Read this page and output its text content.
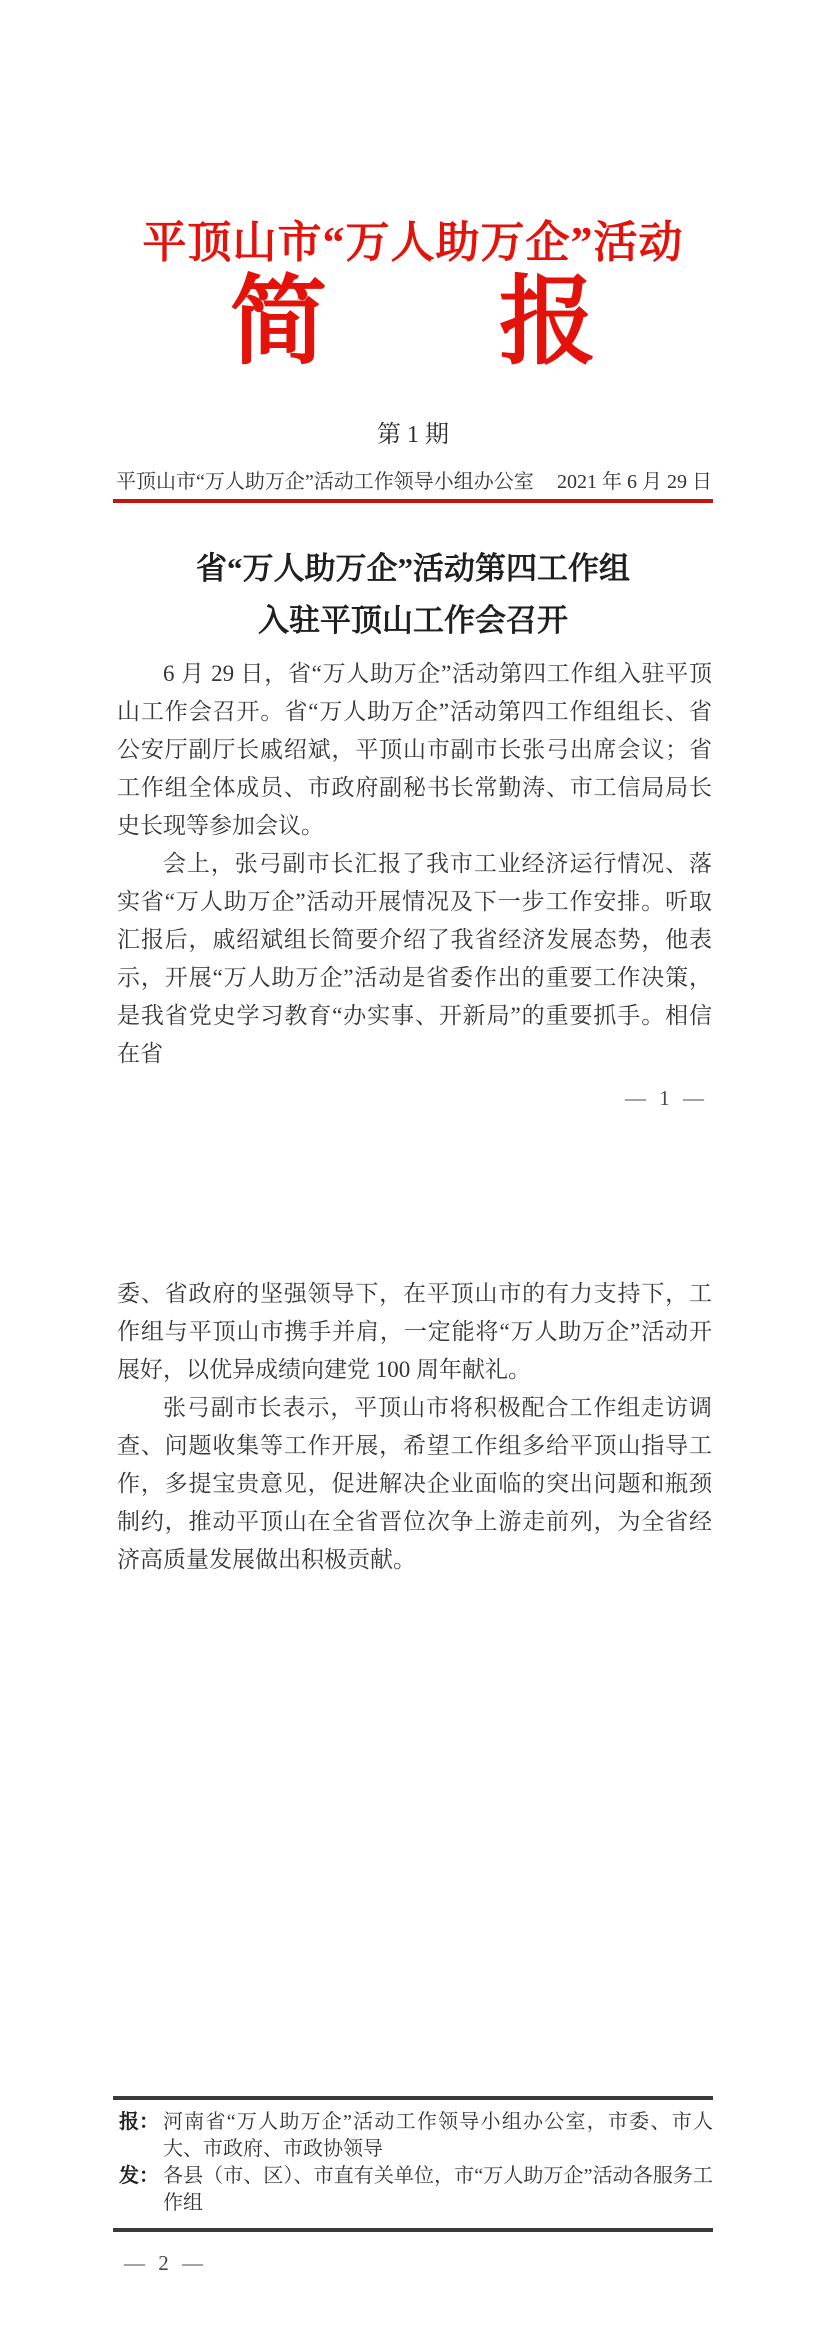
平顶山市“万人助万企”活动
简 报
第 1 期
平顶山市“万人助万企”活动工作领导小组办公室 2021 年 6 月 29 日
省“万人助万企”活动第四工作组
入驻平顶山工作会召开

6 月 29 日，省“万人助万企”活动第四工作组入驻平顶山工作会召开。省“万人助万企”活动第四工作组组长、省公安厅副厅长戚绍斌，平顶山市副市长张弓出席会议；省工作组全体成员、市政府副秘书长常勤涛、市工信局局长史长现等参加会议。

会上，张弓副市长汇报了我市工业经济运行情况、落实省“万人助万企”活动开展情况及下一步工作安排。听取汇报后，戚绍斌组长简要介绍了我省经济发展态势，他表示，开展“万人助万企”活动是省委作出的重要工作决策，是我省党史学习教育“办实事、开新局”的重要抓手。相信在省

— 1 —

委、省政府的坚强领导下，在平顶山市的有力支持下，工作组与平顶山市携手并肩，一定能将“万人助万企”活动开展好，以优异成绩向建党 100 周年献礼。

张弓副市长表示，平顶山市将积极配合工作组走访调查、问题收集等工作开展，希望工作组多给平顶山指导工作，多提宝贵意见，促进解决企业面临的突出问题和瓶颈制约，推动平顶山在全省晋位次争上游走前列，为全省经济高质量发展做出积极贡献。

报： 河南省“万人助万企”活动工作领导小组办公室，市委、市人大、市政府、市政协领导
发： 各县（市、区）、市直有关单位，市“万人助万企”活动各服务工作组
— 2 —
